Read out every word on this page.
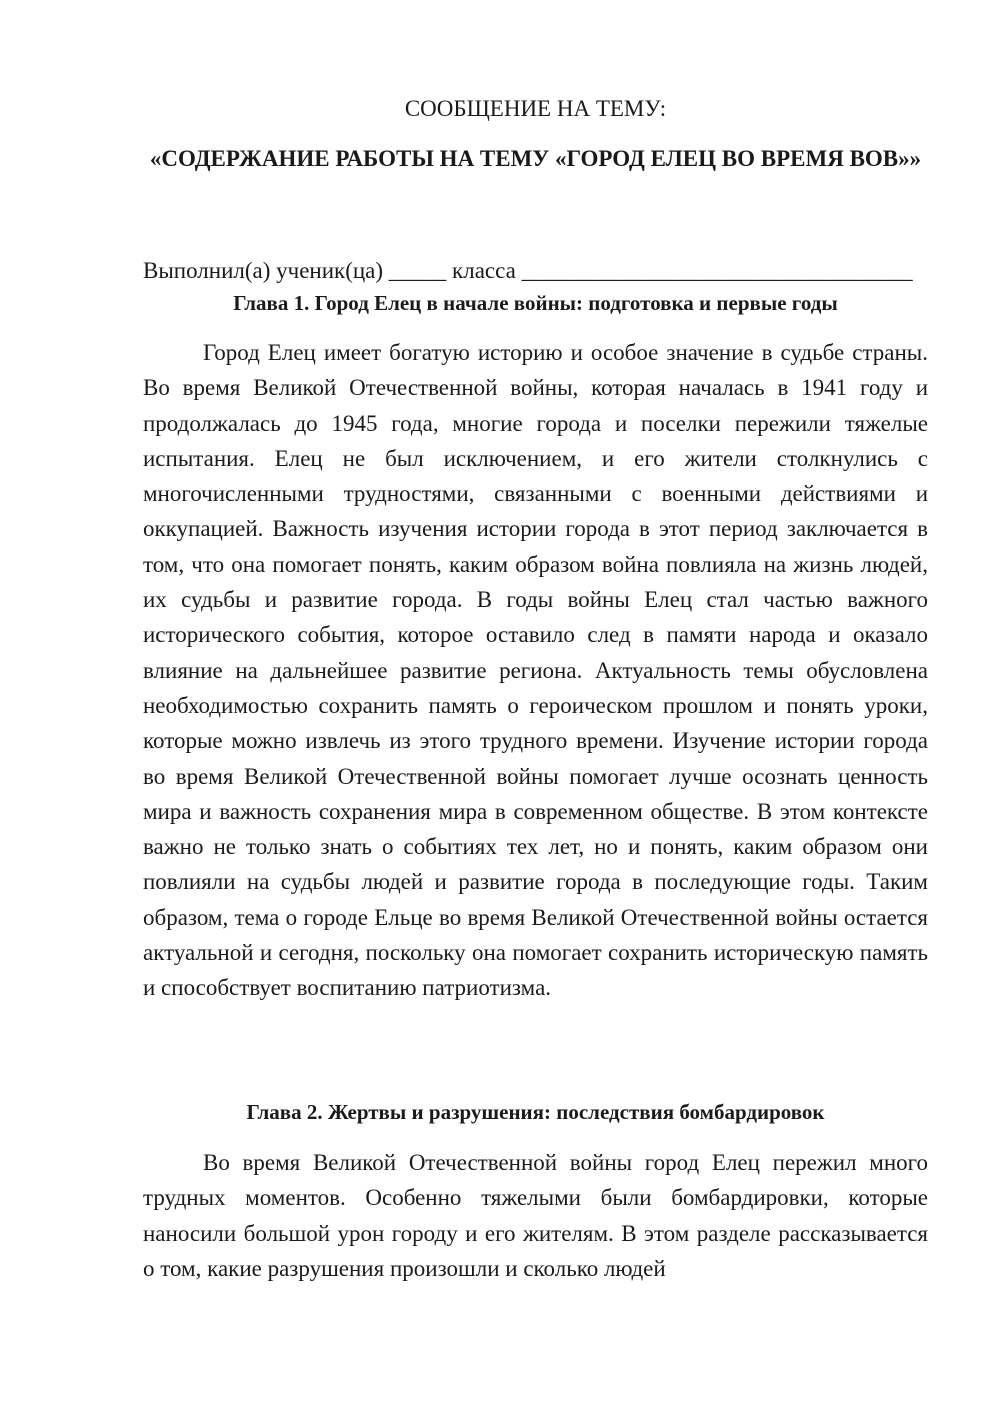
СООБЩЕНИЕ НА ТЕМУ:

«СОДЕРЖАНИЕ РАБОТЫ НА ТЕМУ «ГОРОД ЕЛЕЦ ВО ВРЕМЯ ВОВ»»

Выполнил(а) ученик(ца) _____ класса __________________________________

Глава 1. Город Елец в начале войны: подготовка и первые годы

Город Елец имеет богатую историю и особое значение в судьбе страны. Во время Великой Отечественной войны, которая началась в 1941 году и продолжалась до 1945 года, многие города и поселки пережили тяжелые испытания. Елец не был исключением, и его жители столкнулись с многочисленными трудностями, связанными с военными действиями и оккупацией. Важность изучения истории города в этот период заключается в том, что она помогает понять, каким образом война повлияла на жизнь людей, их судьбы и развитие города. В годы войны Елец стал частью важного исторического события, которое оставило след в памяти народа и оказало влияние на дальнейшее развитие региона. Актуальность темы обусловлена необходимостью сохранить память о героическом прошлом и понять уроки, которые можно извлечь из этого трудного времени. Изучение истории города во время Великой Отечественной войны помогает лучше осознать ценность мира и важность сохранения мира в современном обществе. В этом контексте важно не только знать о событиях тех лет, но и понять, каким образом они повлияли на судьбы людей и развитие города в последующие годы. Таким образом, тема о городе Ельце во время Великой Отечественной войны остается актуальной и сегодня, поскольку она помогает сохранить историческую память и способствует воспитанию патриотизма.

Глава 2. Жертвы и разрушения: последствия бомбардировок

Во время Великой Отечественной войны город Елец пережил много трудных моментов. Особенно тяжелыми были бомбардировки, которые наносили большой урон городу и его жителям. В этом разделе рассказывается о том, какие разрушения произошли и сколько людей
